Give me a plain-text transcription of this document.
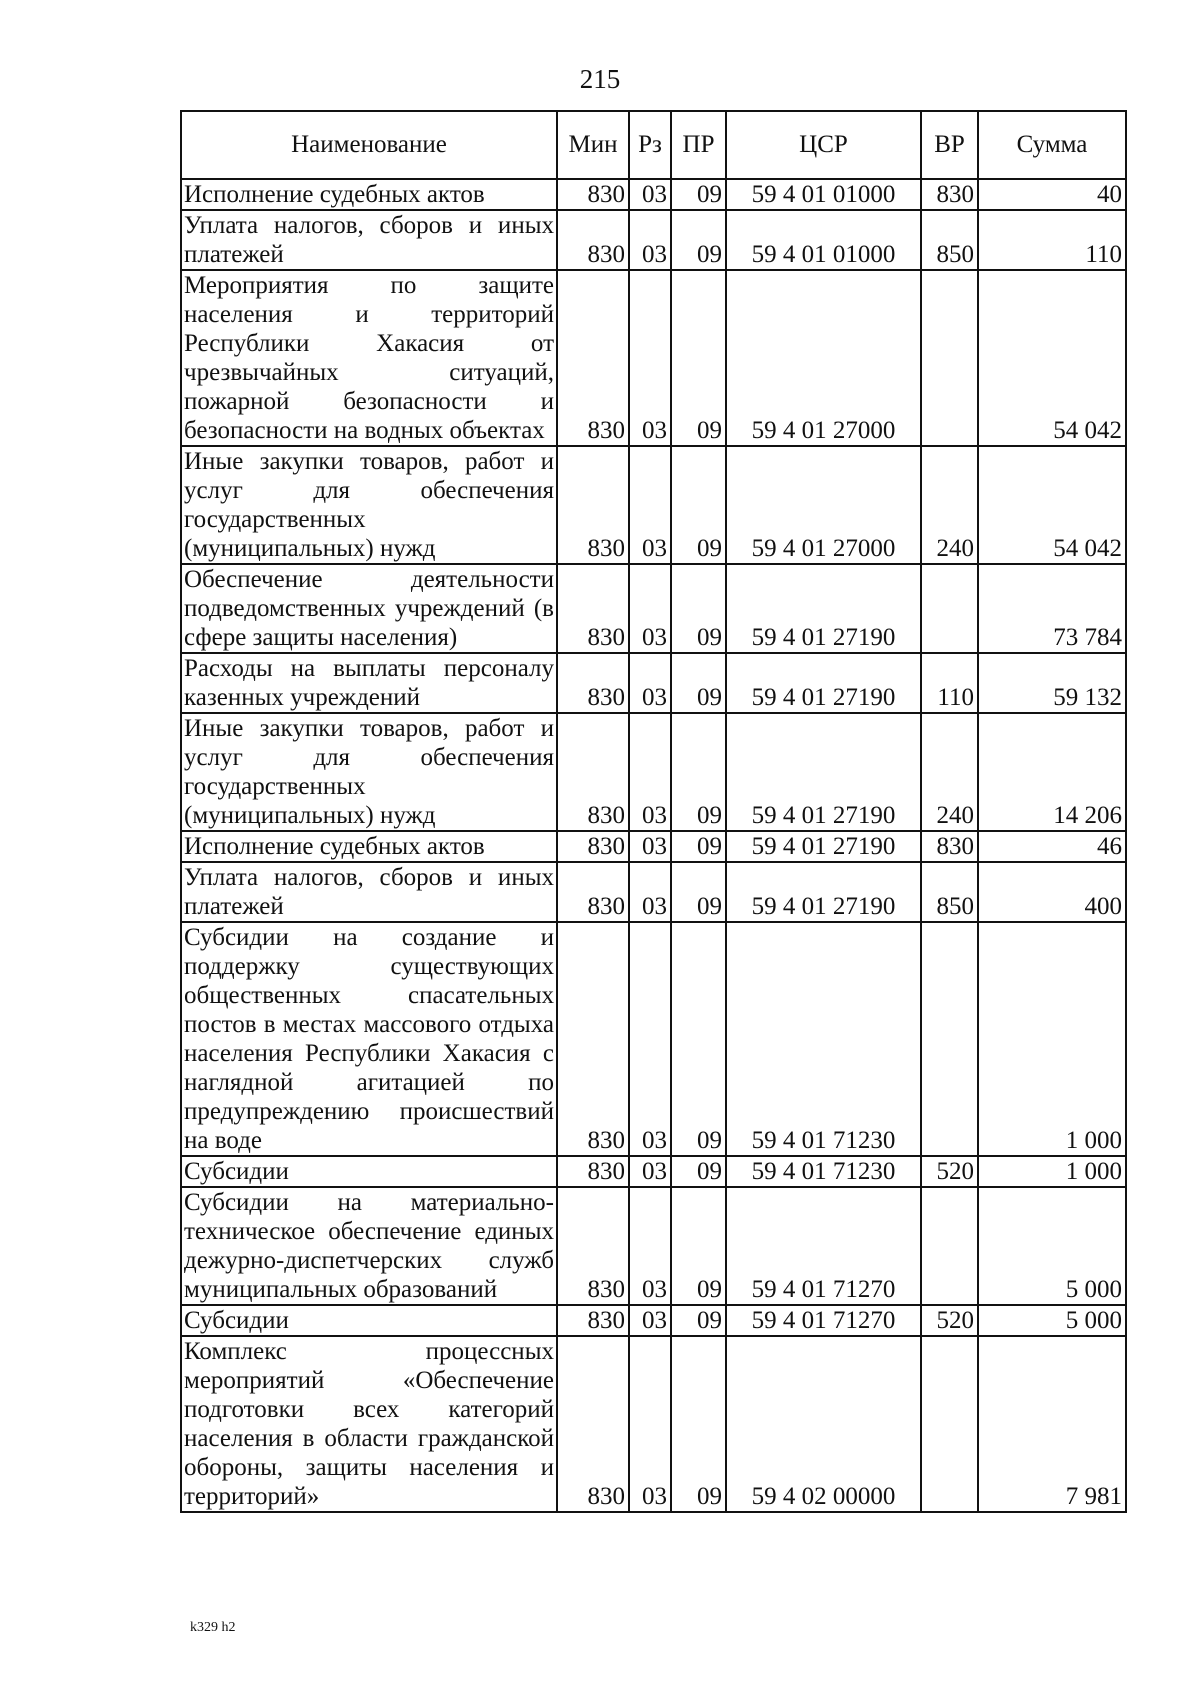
215
Наименование	Мин	Рз	ПР	ЦСР	ВР	Сумма
Исполнение судебных актов	830	03	09	59 4 01 01000	830	40
Уплата налогов, сборов и иных платежей	830	03	09	59 4 01 01000	850	110
Мероприятия по защите населения и территорий Республики Хакасия от чрезвычайных ситуаций, пожарной безопасности и безопасности на водных объектах	830	03	09	59 4 01 27000		54 042
Иные закупки товаров, работ и услуг для обеспечения государственных (муниципальных) нужд	830	03	09	59 4 01 27000	240	54 042
Обеспечение деятельности подведомственных учреждений (в сфере защиты населения)	830	03	09	59 4 01 27190		73 784
Расходы на выплаты персоналу казенных учреждений	830	03	09	59 4 01 27190	110	59 132
Иные закупки товаров, работ и услуг для обеспечения государственных (муниципальных) нужд	830	03	09	59 4 01 27190	240	14 206
Исполнение судебных актов	830	03	09	59 4 01 27190	830	46
Уплата налогов, сборов и иных платежей	830	03	09	59 4 01 27190	850	400
Субсидии на создание и поддержку существующих общественных спасательных постов в местах массового отдыха населения Республики Хакасия с наглядной агитацией по предупреждению происшествий на воде	830	03	09	59 4 01 71230		1 000
Субсидии	830	03	09	59 4 01 71230	520	1 000
Субсидии на материально-техническое обеспечение единых дежурно-диспетчерских служб муниципальных образований	830	03	09	59 4 01 71270		5 000
Субсидии	830	03	09	59 4 01 71270	520	5 000
Комплекс процессных мероприятий «Обеспечение подготовки всех категорий населения в области гражданской обороны, защиты населения и территорий»	830	03	09	59 4 02 00000		7 981
k329 h2
